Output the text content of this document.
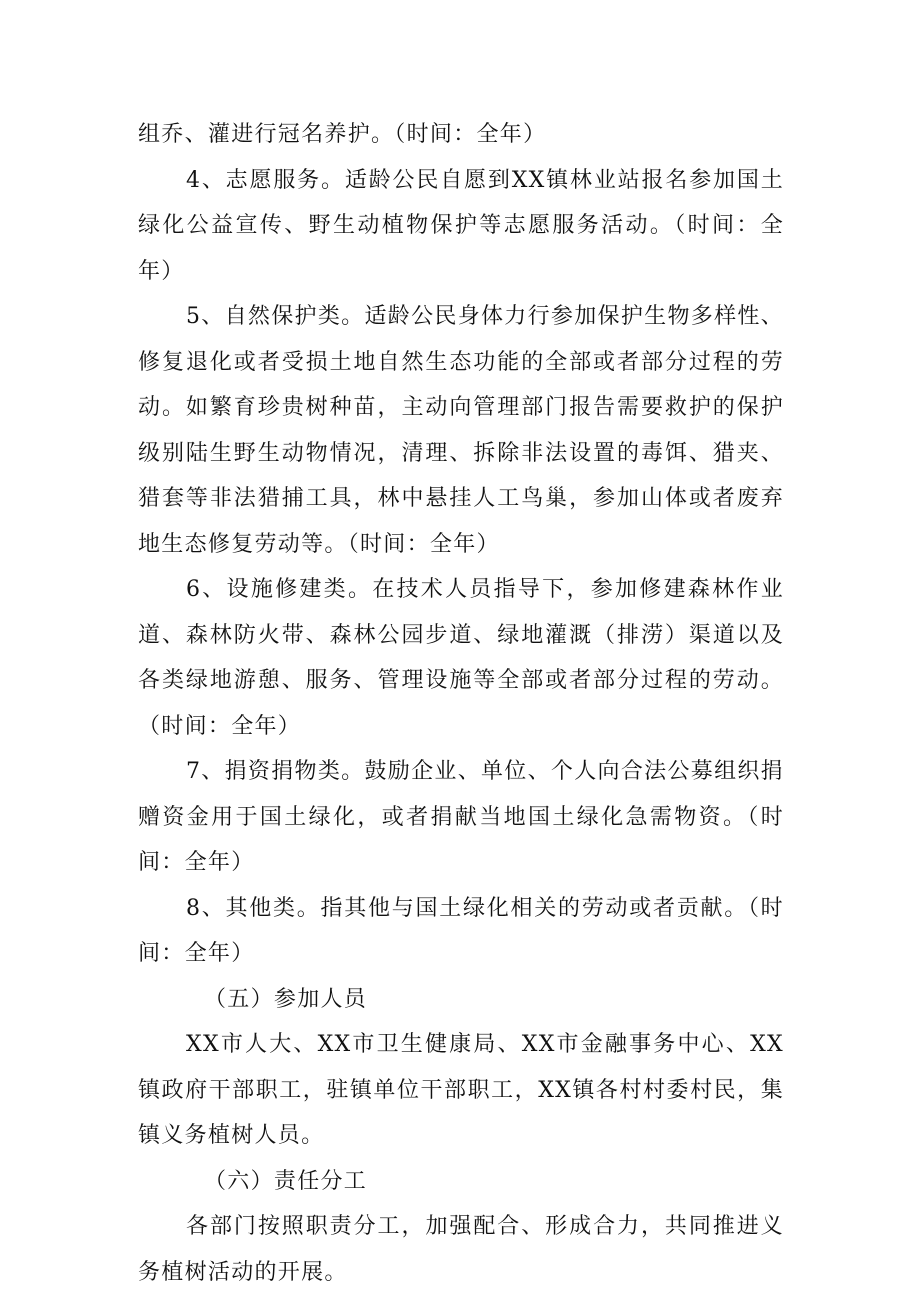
组乔、灌进行冠名养护。（时间：全年）

4、志愿服务。适龄公民自愿到XX镇林业站报名参加国土绿化公益宣传、野生动植物保护等志愿服务活动。（时间：全年）

5、自然保护类。适龄公民身体力行参加保护生物多样性、修复退化或者受损土地自然生态功能的全部或者部分过程的劳动。如繁育珍贵树种苗，主动向管理部门报告需要救护的保护级别陆生野生动物情况，清理、拆除非法设置的毒饵、猎夹、猎套等非法猎捕工具，林中悬挂人工鸟巢，参加山体或者废弃地生态修复劳动等。（时间：全年）

6、设施修建类。在技术人员指导下，参加修建森林作业道、森林防火带、森林公园步道、绿地灌溉（排涝）渠道以及各类绿地游憩、服务、管理设施等全部或者部分过程的劳动。（时间：全年）

7、捐资捐物类。鼓励企业、单位、个人向合法公募组织捐赠资金用于国土绿化，或者捐献当地国土绿化急需物资。（时间：全年）

8、其他类。指其他与国土绿化相关的劳动或者贡献。（时间：全年）

（五）参加人员

XX市人大、XX市卫生健康局、XX市金融事务中心、XX镇政府干部职工，驻镇单位干部职工，XX镇各村村委村民，集镇义务植树人员。

（六）责任分工

各部门按照职责分工，加强配合、形成合力，共同推进义务植树活动的开展。
